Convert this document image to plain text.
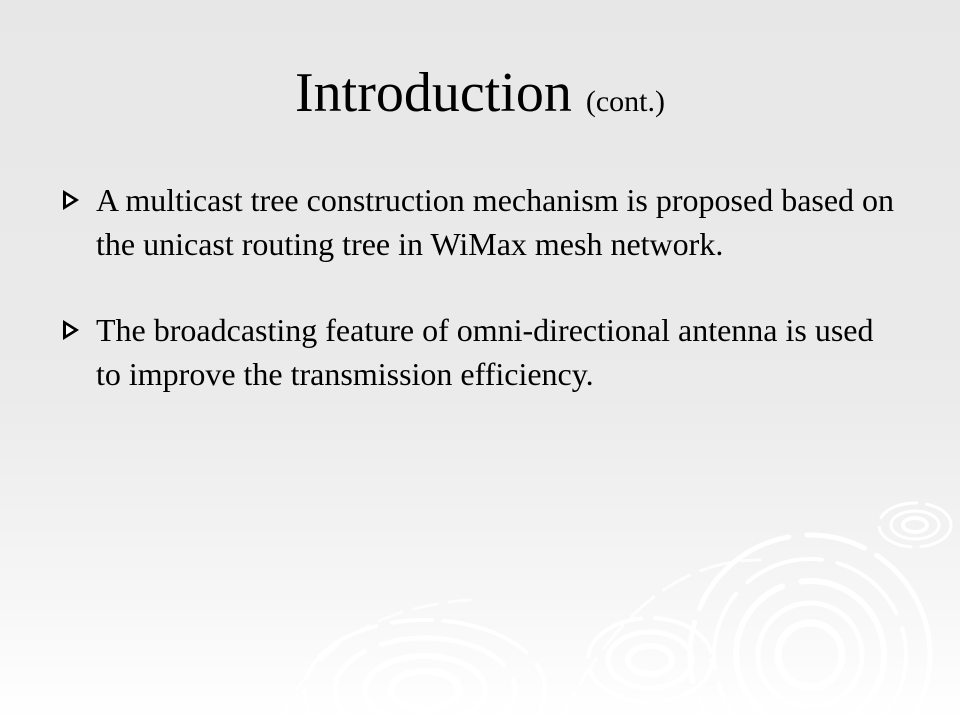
Introduction (cont.)
A multicast tree construction mechanism is proposed based on the unicast routing tree in WiMax mesh network.
The broadcasting feature of omni-directional antenna is used to improve the transmission efficiency.
